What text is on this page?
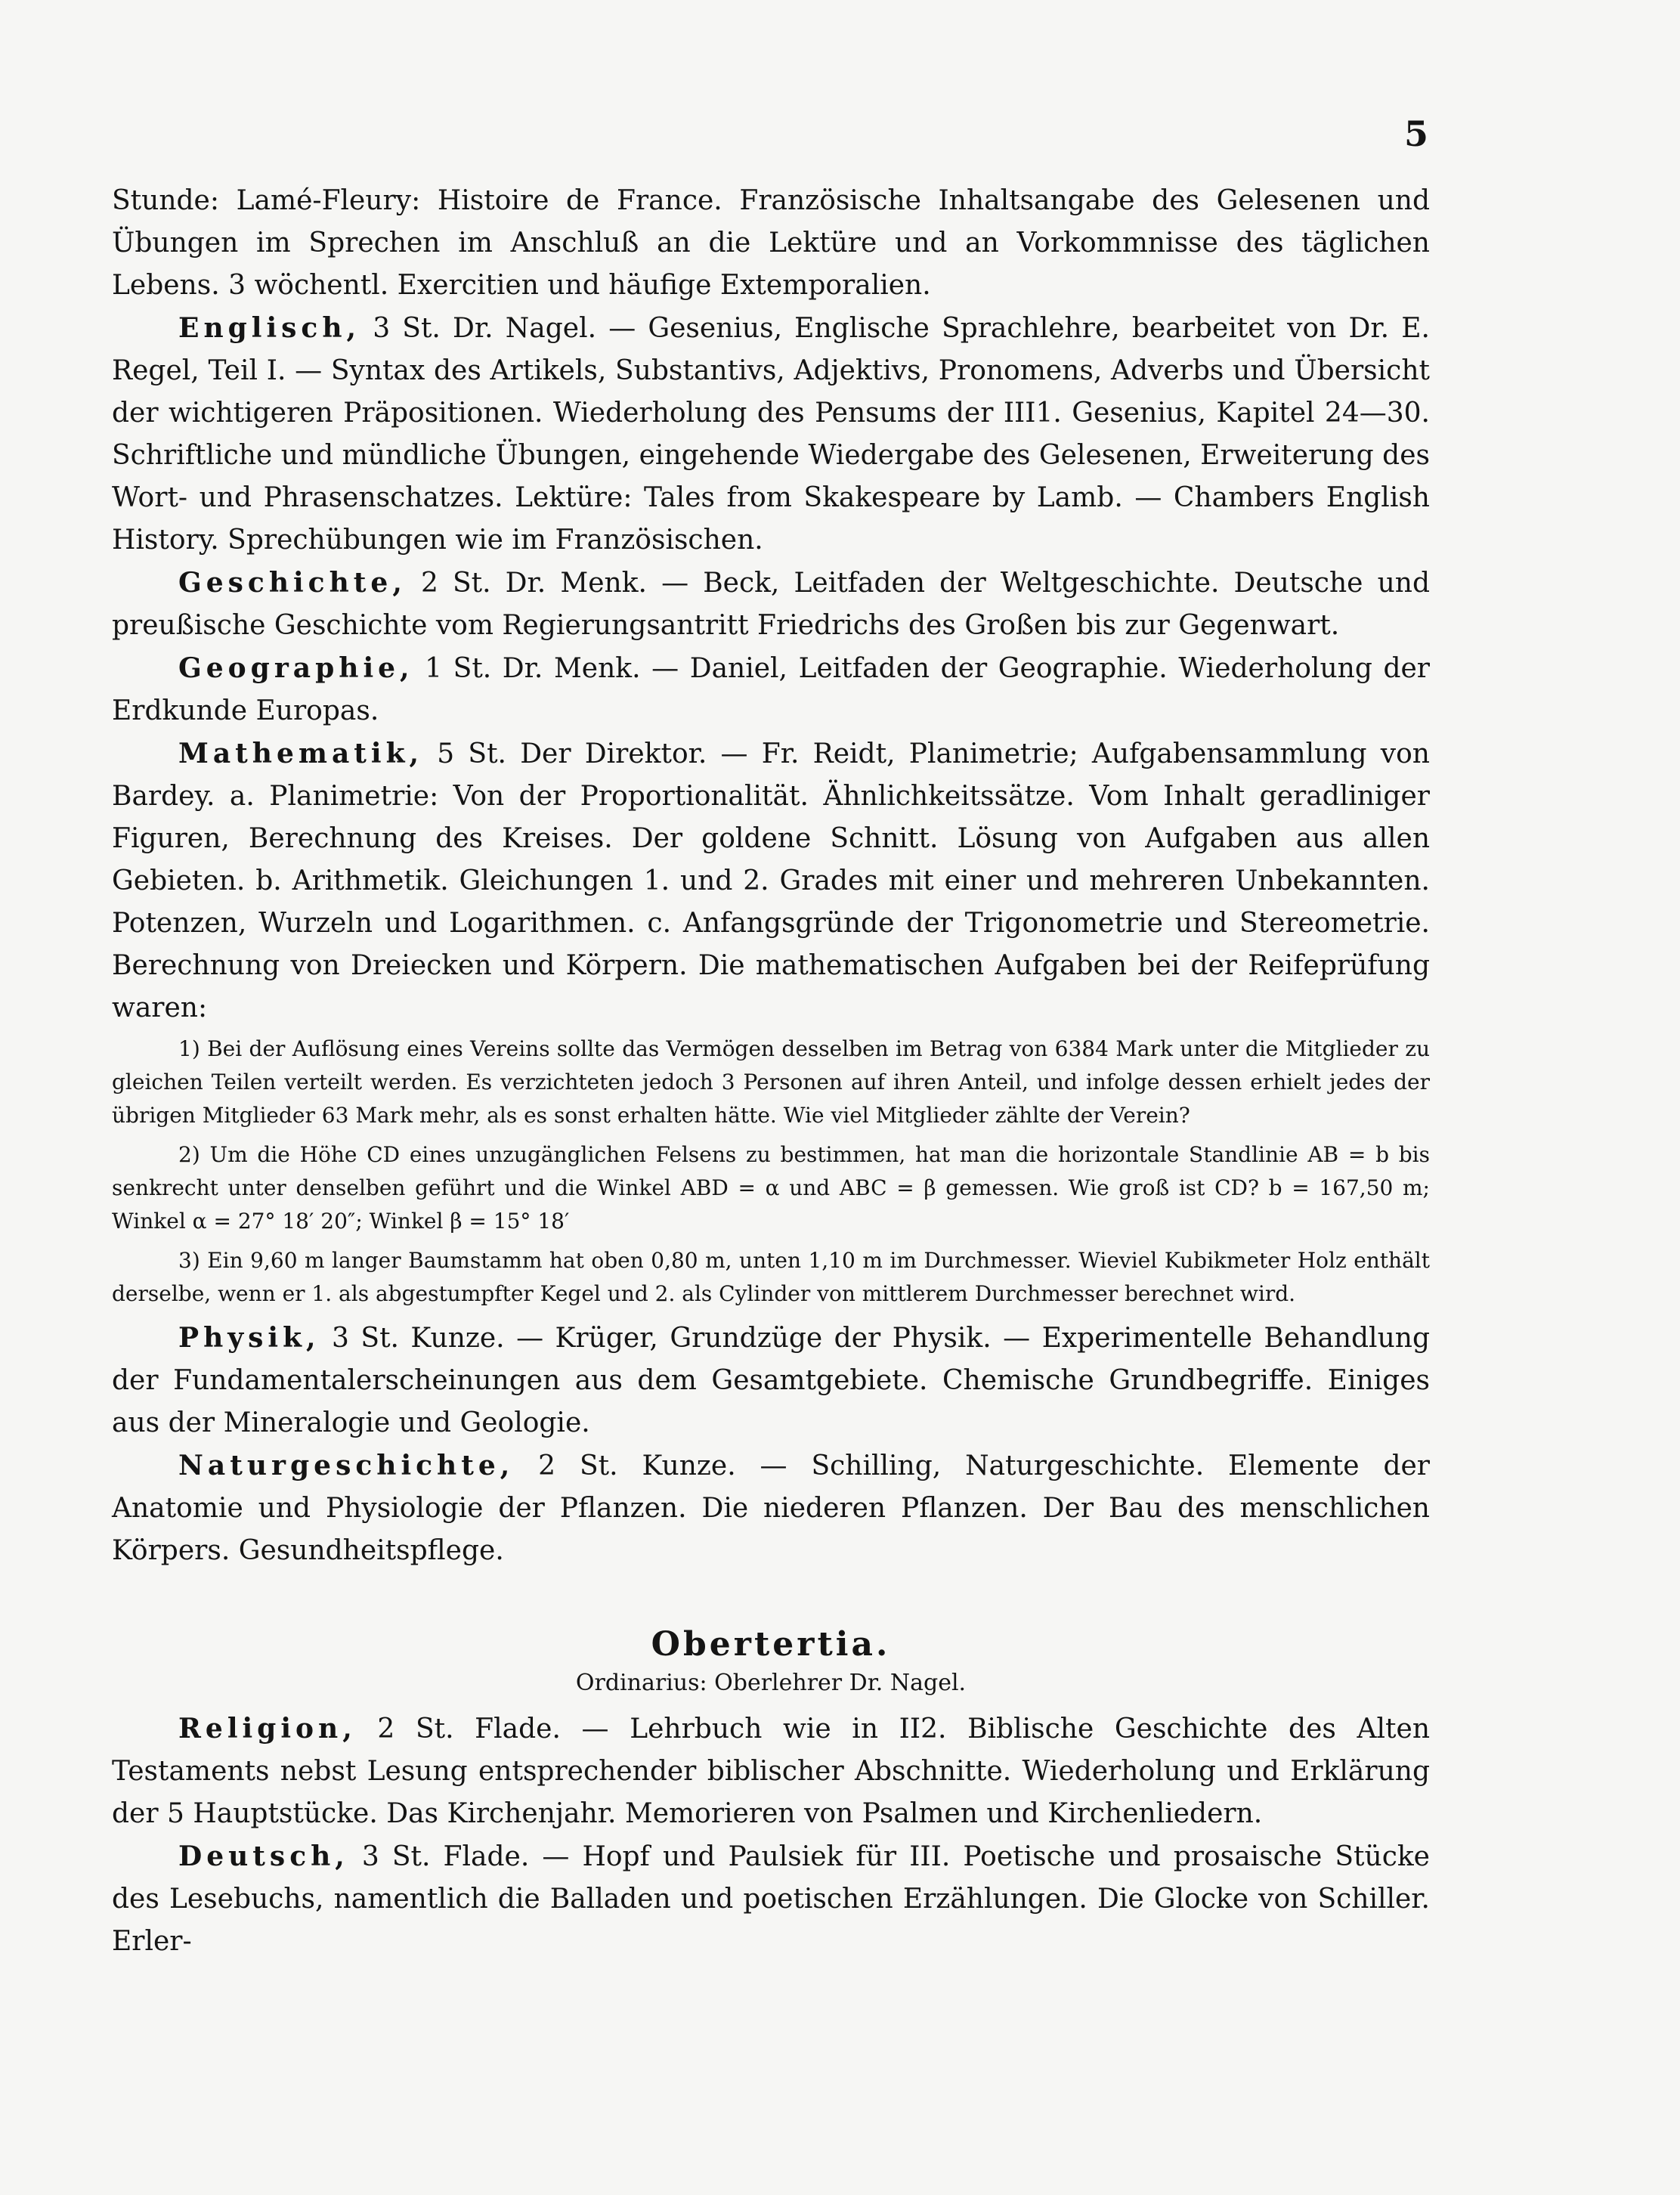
5

Stunde: Lamé-Fleury: Histoire de France. Französische Inhaltsangabe des Gelesenen und Übungen im Sprechen im Anschluß an die Lektüre und an Vorkommnisse des täglichen Lebens. 3 wöchentl. Exercitien und häufige Extemporalien.

Englisch, 3 St. Dr. Nagel. — Gesenius, Englische Sprachlehre, bearbeitet von Dr. E. Regel, Teil I. — Syntax des Artikels, Substantivs, Adjektivs, Pronomens, Adverbs und Übersicht der wichtigeren Präpositionen. Wiederholung des Pensums der III1. Gesenius, Kapitel 24—30. Schriftliche und mündliche Übungen, eingehende Wiedergabe des Gelesenen, Erweiterung des Wort- und Phrasenschatzes. Lektüre: Tales from Skakespeare by Lamb. — Chambers English History. Sprechübungen wie im Französischen.

Geschichte, 2 St. Dr. Menk. — Beck, Leitfaden der Weltgeschichte. Deutsche und preußische Geschichte vom Regierungsantritt Friedrichs des Großen bis zur Gegenwart.

Geographie, 1 St. Dr. Menk. — Daniel, Leitfaden der Geographie. Wiederholung der Erdkunde Europas.

Mathematik, 5 St. Der Direktor. — Fr. Reidt, Planimetrie; Aufgabensammlung von Bardey. a. Planimetrie: Von der Proportionalität. Ähnlichkeitssätze. Vom Inhalt geradliniger Figuren, Berechnung des Kreises. Der goldene Schnitt. Lösung von Aufgaben aus allen Gebieten. b. Arithmetik. Gleichungen 1. und 2. Grades mit einer und mehreren Unbekannten. Potenzen, Wurzeln und Logarithmen. c. Anfangsgründe der Trigonometrie und Stereometrie. Berechnung von Dreiecken und Körpern. Die mathematischen Aufgaben bei der Reifeprüfung waren:

1) Bei der Auflösung eines Vereins sollte das Vermögen desselben im Betrag von 6384 Mark unter die Mitglieder zu gleichen Teilen verteilt werden. Es verzichteten jedoch 3 Personen auf ihren Anteil, und infolge dessen erhielt jedes der übrigen Mitglieder 63 Mark mehr, als es sonst erhalten hätte. Wie viel Mitglieder zählte der Verein?

2) Um die Höhe CD eines unzugänglichen Felsens zu bestimmen, hat man die horizontale Standlinie AB = b bis senkrecht unter denselben geführt und die Winkel ABD = α und ABC = β gemessen. Wie groß ist CD? b = 167,50 m; Winkel α = 27° 18′ 20″; Winkel β = 15° 18′

3) Ein 9,60 m langer Baumstamm hat oben 0,80 m, unten 1,10 m im Durchmesser. Wieviel Kubikmeter Holz enthält derselbe, wenn er 1. als abgestumpfter Kegel und 2. als Cylinder von mittlerem Durchmesser berechnet wird.

Physik, 3 St. Kunze. — Krüger, Grundzüge der Physik. — Experimentelle Behandlung der Fundamentalerscheinungen aus dem Gesamtgebiete. Chemische Grundbegriffe. Einiges aus der Mineralogie und Geologie.

Naturgeschichte, 2 St. Kunze. — Schilling, Naturgeschichte. Elemente der Anatomie und Physiologie der Pflanzen. Die niederen Pflanzen. Der Bau des menschlichen Körpers. Gesundheitspflege.

Obertertia.
Ordinarius: Oberlehrer Dr. Nagel.

Religion, 2 St. Flade. — Lehrbuch wie in II2. Biblische Geschichte des Alten Testaments nebst Lesung entsprechender biblischer Abschnitte. Wiederholung und Erklärung der 5 Hauptstücke. Das Kirchenjahr. Memorieren von Psalmen und Kirchenliedern.

Deutsch, 3 St. Flade. — Hopf und Paulsiek für III. Poetische und prosaische Stücke des Lesebuchs, namentlich die Balladen und poetischen Erzählungen. Die Glocke von Schiller. Erler-
